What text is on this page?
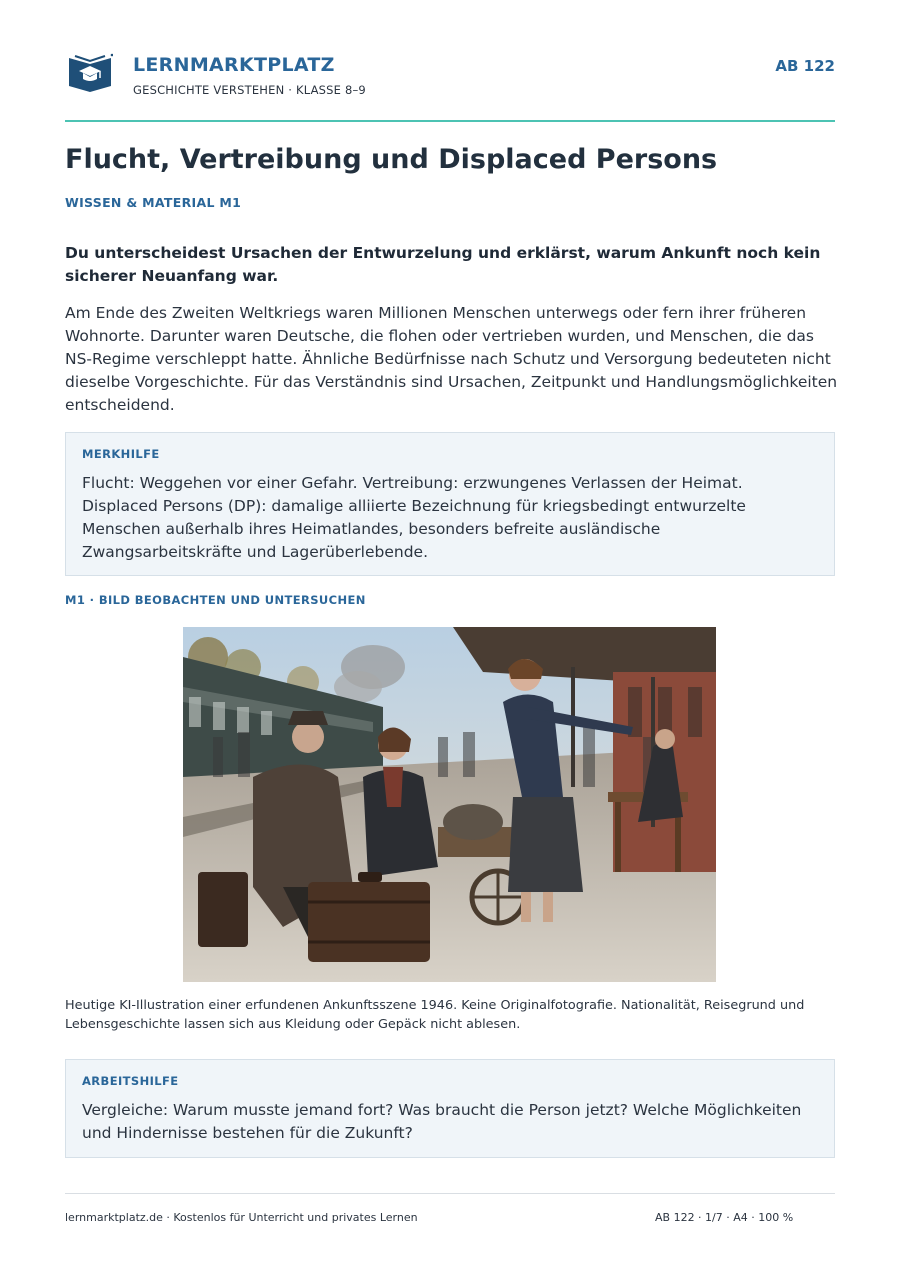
LERNMARKTPLATZ
GESCHICHTE VERSTEHEN · KLASSE 8–9
AB 122
Flucht, Vertreibung und Displaced Persons
WISSEN & MATERIAL M1

Du unterscheidest Ursachen der Entwurzelung und erklärst, warum Ankunft noch kein sicherer Neuanfang war.

Am Ende des Zweiten Weltkriegs waren Millionen Menschen unterwegs oder fern ihrer früheren Wohnorte. Darunter waren Deutsche, die flohen oder vertrieben wurden, und Menschen, die das NS-Regime verschleppt hatte. Ähnliche Bedürfnisse nach Schutz und Versorgung bedeuteten nicht dieselbe Vorgeschichte. Für das Verständnis sind Ursachen, Zeitpunkt und Handlungsmöglichkeiten entscheidend.

MERKHILFE

Flucht: Weggehen vor einer Gefahr. Vertreibung: erzwungenes Verlassen der Heimat. Displaced Persons (DP): damalige alliierte Bezeichnung für kriegsbedingt entwurzelte Menschen außerhalb ihres Heimatlandes, besonders befreite ausländische Zwangsarbeitskräfte und Lagerüberlebende.

M1 · BILD BEOBACHTEN UND UNTERSUCHEN

Heutige KI-Illustration einer erfundenen Ankunftsszene 1946. Keine Originalfotografie. Nationalität, Reisegrund und Lebensgeschichte lassen sich aus Kleidung oder Gepäck nicht ablesen.

ARBEITSHILFE

Vergleiche: Warum musste jemand fort? Was braucht die Person jetzt? Welche Möglichkeiten und Hindernisse bestehen für die Zukunft?

lernmarktplatz.de · Kostenlos für Unterricht und privates Lernen	AB 122 · 1/7 · A4 · 100 %
